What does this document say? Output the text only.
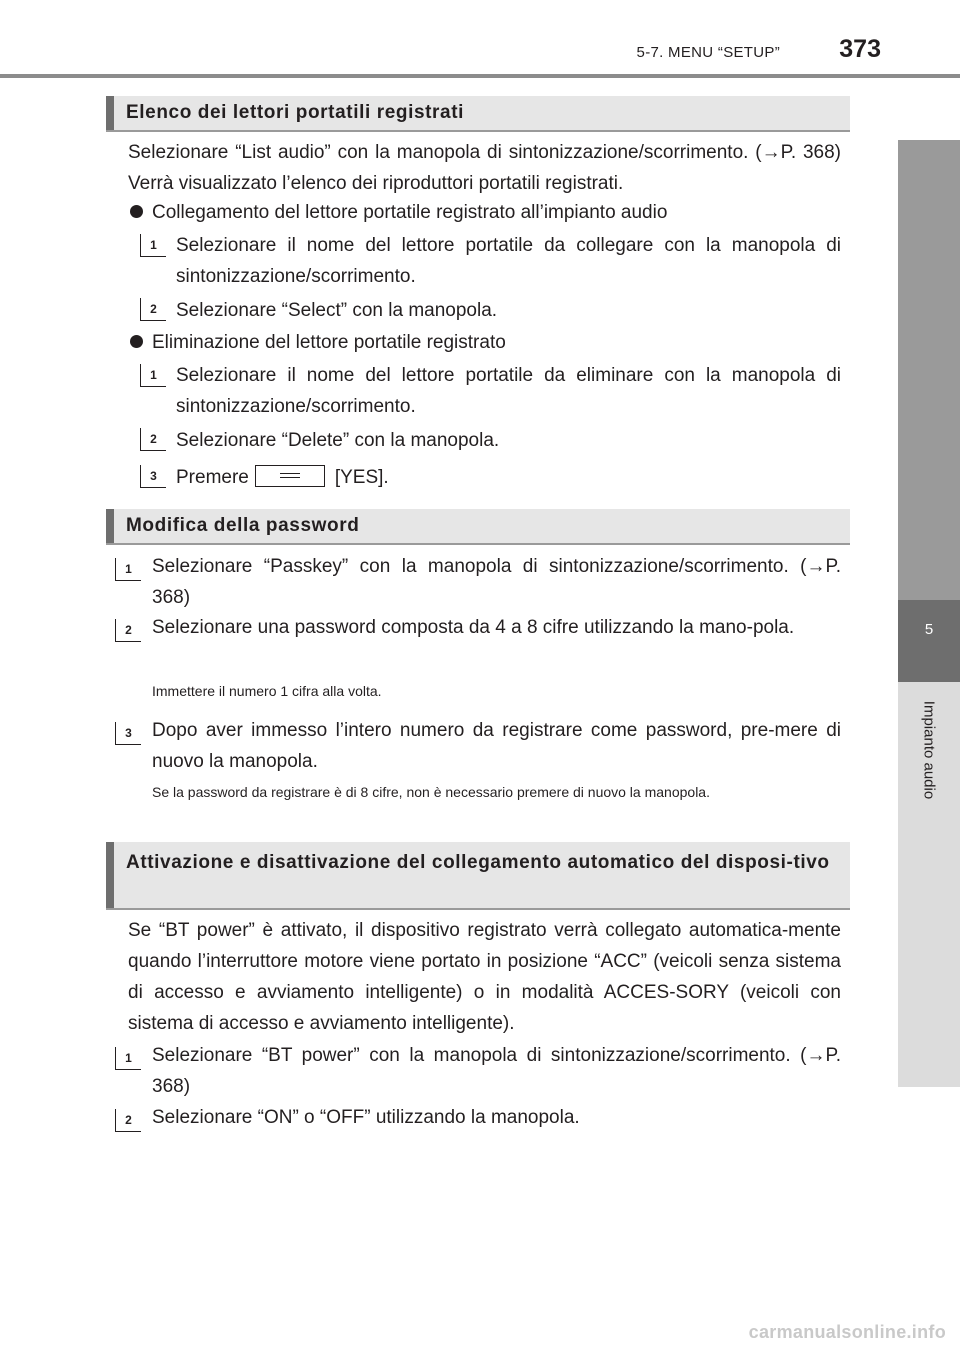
5-7. MENU “SETUP” 373
5
Impianto audio
Elenco dei lettori portatili registrati
Selezionare “List audio” con la manopola di sintonizzazione/scorrimento. (→P. 368) Verrà visualizzato l’elenco dei riproduttori portatili registrati.
Collegamento del lettore portatile registrato all’impianto audio
1	Selezionare il nome del lettore portatile da collegare con la manopola di sintonizzazione/scorrimento.
2	Selezionare “Select” con la manopola.
Eliminazione del lettore portatile registrato
1	Selezionare il nome del lettore portatile da eliminare con la manopola di sintonizzazione/scorrimento.
2	Selezionare “Delete” con la manopola.
3	Premere	[YES].
Modifica della password
1	Selezionare “Passkey” con la manopola di sintonizzazione/scorrimento. (→P. 368)
2	Selezionare una password composta da 4 a 8 cifre utilizzando la mano-pola.
Immettere il numero 1 cifra alla volta.
3	Dopo aver immesso l’intero numero da registrare come password, pre-mere di nuovo la manopola.
Se la password da registrare è di 8 cifre, non è necessario premere di nuovo la manopola.
Attivazione e disattivazione del collegamento automatico del disposi-tivo
Se “BT power” è attivato, il dispositivo registrato verrà collegato automatica-mente quando l’interruttore motore viene portato in posizione “ACC” (veicoli senza sistema di accesso e avviamento intelligente) o in modalità ACCES-SORY (veicoli con sistema di accesso e avviamento intelligente).
1	Selezionare “BT power” con la manopola di sintonizzazione/scorrimento. (→P. 368)
2	Selezionare “ON” o “OFF” utilizzando la manopola.
carmanualsonline.info
